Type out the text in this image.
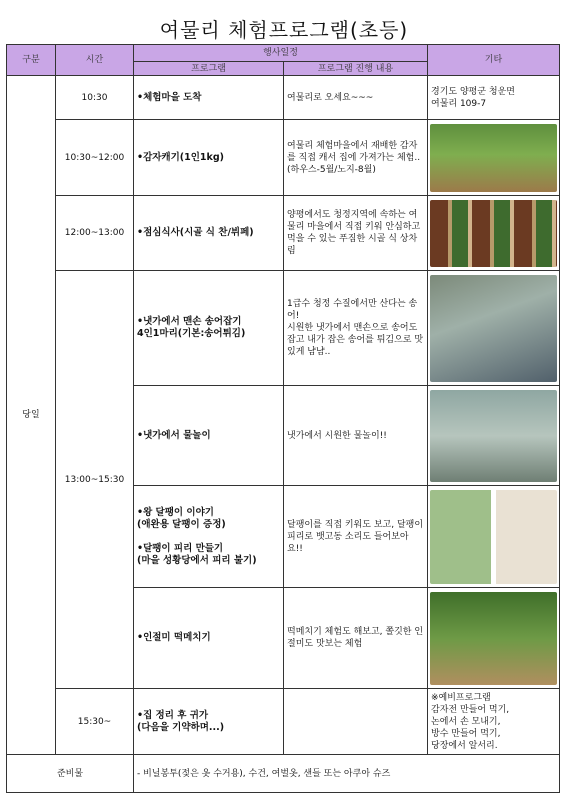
여물리 체험프로그램(초등)
구분	시간	행사일정		기타
		프로그램	프로그램 진행 내용	
당일	10:30	•체험마을 도착	여물리로 오세요~~~	경기도 양평군 청운면
여물리 109-7
	10:30~12:00	•감자캐기(1인1kg)	여물리 체험마을에서 재배한 감자를 직접 캐서 집에 가져가는 체험..
(하우스-5월/노지-8월)	

	12:00~13:00	•점심식사(시골 식 찬/뷔페)	양평에서도 청정지역에 속하는 여물리 마을에서 직접 키워 안심하고 먹을 수 있는 푸짐한 시골 식 상차림	

	13:00~15:30	•냇가에서 맨손 송어잡기
4인1마리(기본:송어튀김)	1급수 청정 수질에서만 산다는 송어!
시원한 냇가에서 맨손으로 송어도 잡고 내가 잡은 송어를 튀김으로 맛있게 냠냠..	

		•냇가에서 물놀이	냇가에서 시원한 물놀이!!	

		•왕 달팽이 이야기
(애완용 달팽이 증정)

•달팽이 피리 만들기
(마을 성황당에서 피리 불기)	달팽이를 직접 키워도 보고, 달팽이 피리로 뱃고동 소리도 들어보아요!!	

		•인절미 떡메치기	떡메치기 체험도 해보고, 쫄깃한 인절미도 맛보는 체험	

	15:30~	•집 정리 후 귀가
(다음을 기약하며...)		※예비프로그램
감자전 만들어 먹기,
논에서 손 모내기,
방수 만들어 먹기,
당장에서 알서리.
준비물		- 비닐봉투(젖은 옷 수거용), 수건, 여벌옷, 샌들 또는 아쿠아 슈즈		
